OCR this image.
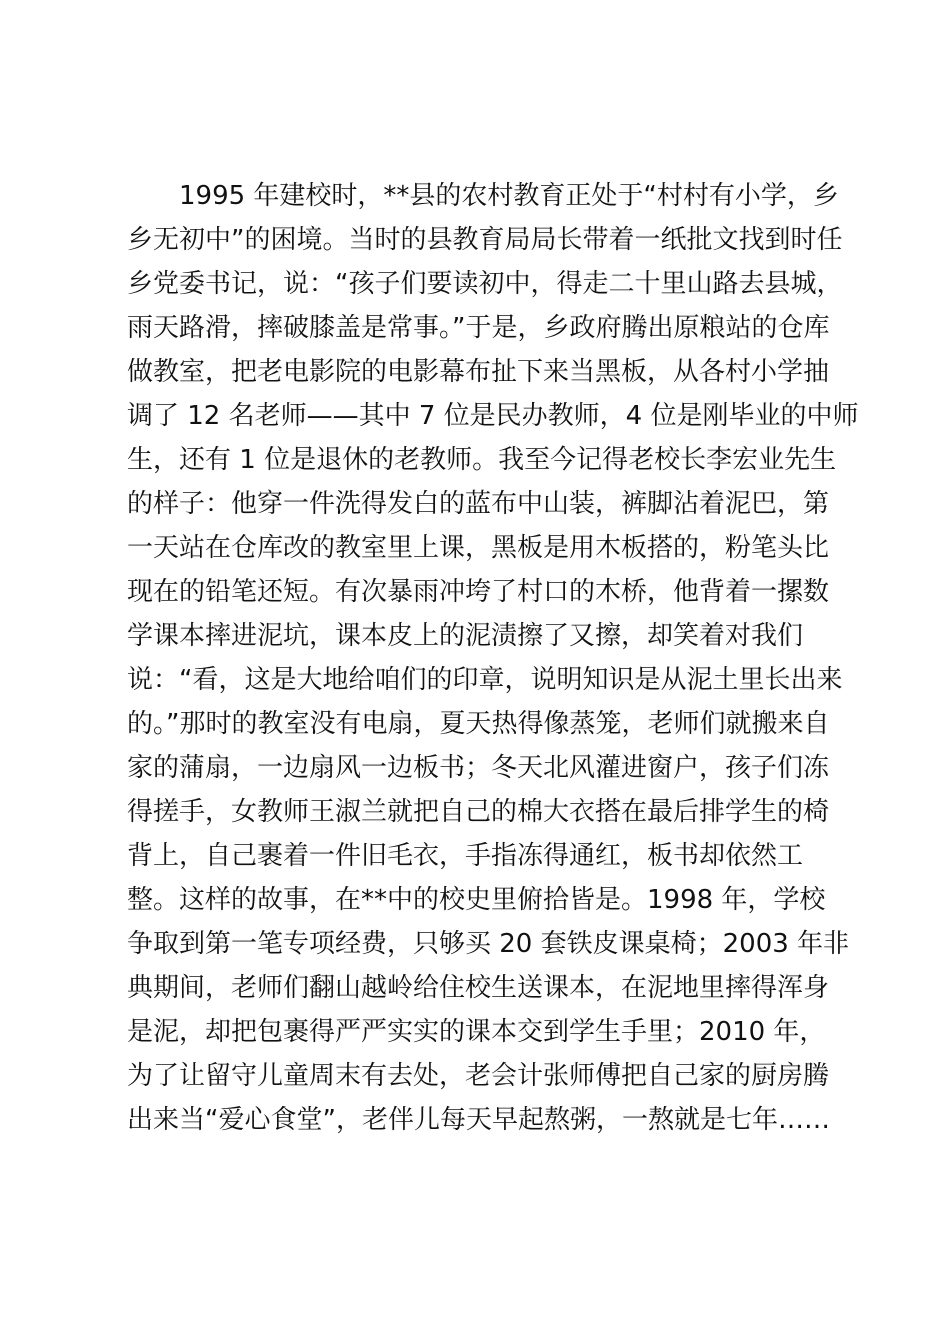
1995 年建校时，**县的农村教育正处于“村村有小学，乡
乡无初中”的困境。当时的县教育局局长带着一纸批文找到时任
乡党委书记，说：“孩子们要读初中，得走二十里山路去县城，
雨天路滑，摔破膝盖是常事。”于是，乡政府腾出原粮站的仓库
做教室，把老电影院的电影幕布扯下来当黑板，从各村小学抽
调了 12 名老师——其中 7 位是民办教师，4 位是刚毕业的中师
生，还有 1 位是退休的老教师。我至今记得老校长李宏业先生
的样子：他穿一件洗得发白的蓝布中山装，裤脚沾着泥巴，第
一天站在仓库改的教室里上课，黑板是用木板搭的，粉笔头比
现在的铅笔还短。有次暴雨冲垮了村口的木桥，他背着一摞数
学课本摔进泥坑，课本皮上的泥渍擦了又擦，却笑着对我们
说：“看，这是大地给咱们的印章，说明知识是从泥土里长出来
的。”那时的教室没有电扇，夏天热得像蒸笼，老师们就搬来自
家的蒲扇，一边扇风一边板书；冬天北风灌进窗户，孩子们冻
得搓手，女教师王淑兰就把自己的棉大衣搭在最后排学生的椅
背上，自己裹着一件旧毛衣，手指冻得通红，板书却依然工
整。这样的故事，在**中的校史里俯拾皆是。1998 年，学校
争取到第一笔专项经费，只够买 20 套铁皮课桌椅；2003 年非
典期间，老师们翻山越岭给住校生送课本，在泥地里摔得浑身
是泥，却把包裹得严严实实的课本交到学生手里；2010 年，
为了让留守儿童周末有去处，老会计张师傅把自己家的厨房腾
出来当“爱心食堂”，老伴儿每天早起熬粥，一熬就是七年……
